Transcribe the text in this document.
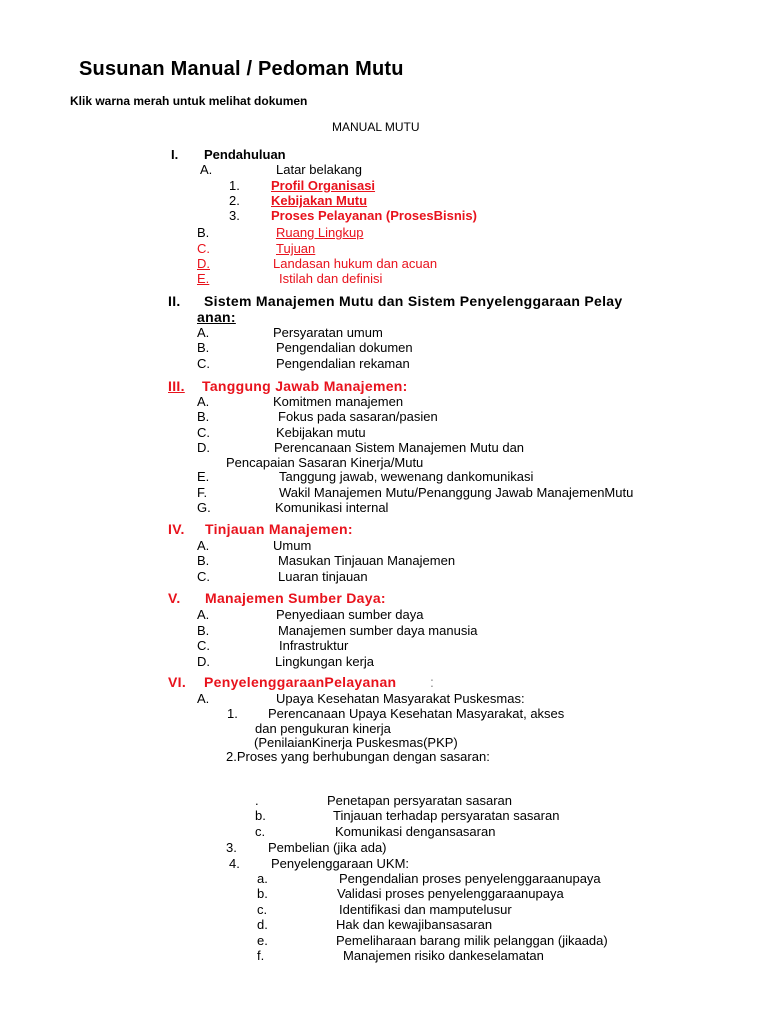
Susunan Manual / Pedoman Mutu
Klik warna merah untuk melihat dokumen
MANUAL MUTU
I. Pendahuluan
A.	Latar belakang
1. Profil Organisasi
2. Kebijakan Mutu
3. Proses Pelayanan (ProsesBisnis)
B.	Ruang Lingkup
C.	Tujuan
D.	Landasan hukum dan acuan
E.	Istilah dan definisi
II. Sistem Manajemen Mutu dan Sistem Penyelenggaraan Pelay
anan:
A.	Persyaratan umum
B.	Pengendalian dokumen
C.	Pengendalian rekaman
III. Tanggung Jawab Manajemen:
A.	Komitmen manajemen
B.	Fokus pada sasaran/pasien
C.	Kebijakan mutu
D.	Perencanaan Sistem Manajemen Mutu dan
Pencapaian Sasaran Kinerja/Mutu
E.	Tanggung jawab, wewenang dankomunikasi
F.	Wakil Manajemen Mutu/Penanggung Jawab ManajemenMutu
G.	Komunikasi internal
IV. Tinjauan Manajemen:
A.	Umum
B.	Masukan Tinjauan Manajemen
C.	Luaran tinjauan
V. Manajemen Sumber Daya:
A.	Penyediaan sumber daya
B.	Manajemen sumber daya manusia
C.	Infrastruktur
D.	Lingkungan kerja
VI. PenyelenggaraanPelayanan :
A.	Upaya Kesehatan Masyarakat Puskesmas:
1. Perencanaan Upaya Kesehatan Masyarakat, akses
dan pengukuran kinerja
(PenilaianKinerja Puskesmas(PKP)
2.Proses yang berhubungan dengan sasaran:
.	Penetapan persyaratan sasaran
b.	Tinjauan terhadap persyaratan sasaran
c.	Komunikasi dengansasaran
3. Pembelian (jika ada)
4. Penyelenggaraan UKM:
a.	Pengendalian proses penyelenggaraanupaya
b.	Validasi proses penyelenggaraanupaya
c.	Identifikasi dan mamputelusur
d.	Hak dan kewajibansasaran
e.	Pemeliharaan barang milik pelanggan (jikaada)
f.	Manajemen risiko dankeselamatan
